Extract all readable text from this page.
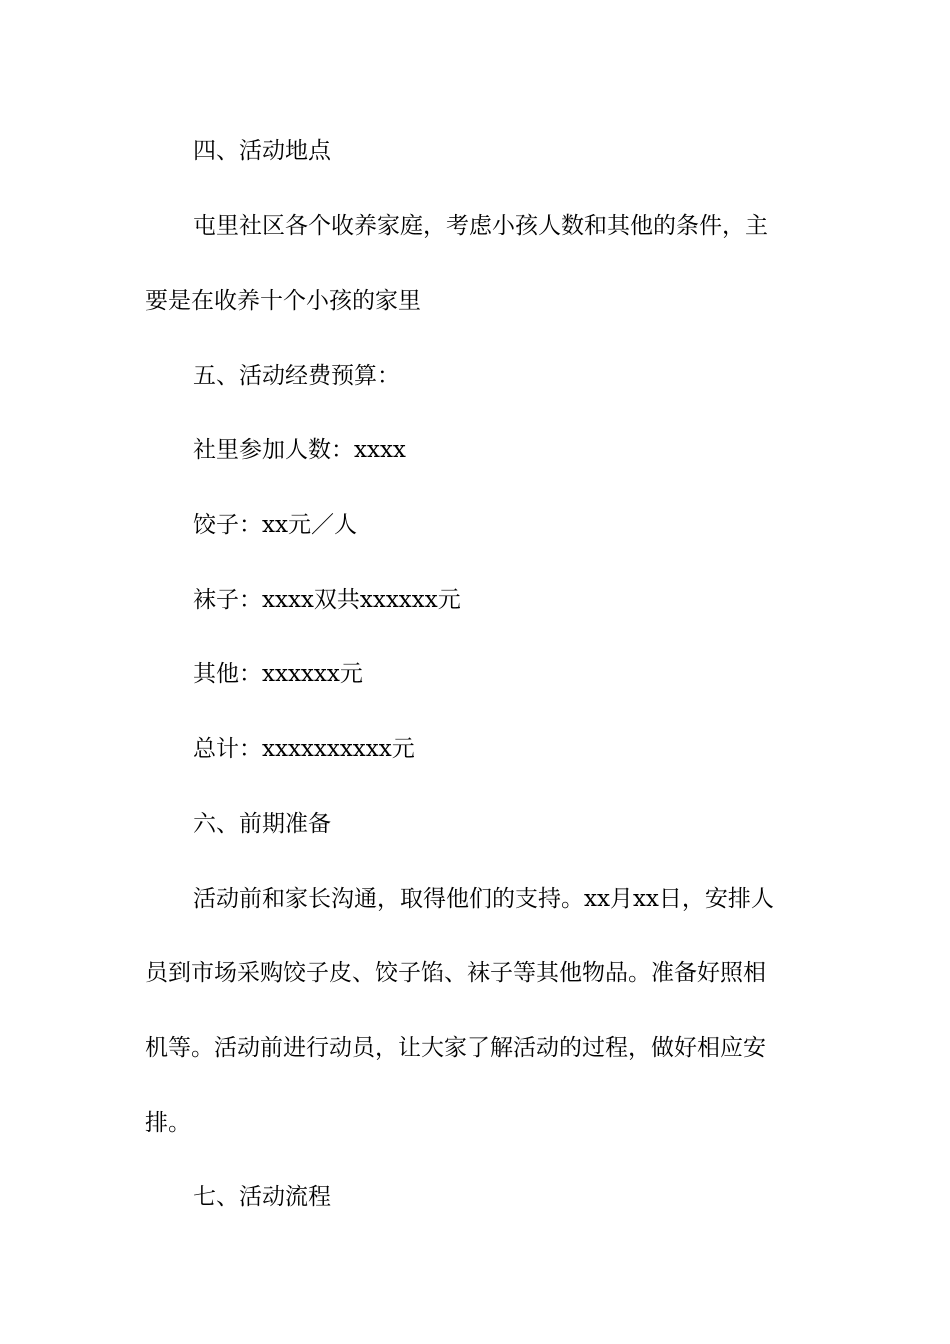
四、活动地点
屯里社区各个收养家庭，考虑小孩人数和其他的条件，主
要是在收养十个小孩的家里
五、活动经费预算：
社里参加人数：xxxx
饺子：xx元／人
袜子：xxxx双共xxxxxx元
其他：xxxxxx元
总计：xxxxxxxxxx元
六、前期准备
活动前和家长沟通，取得他们的支持。xx月xx日，安排人
员到市场采购饺子皮、饺子馅、袜子等其他物品。准备好照相
机等。活动前进行动员，让大家了解活动的过程，做好相应安
排。
七、活动流程
